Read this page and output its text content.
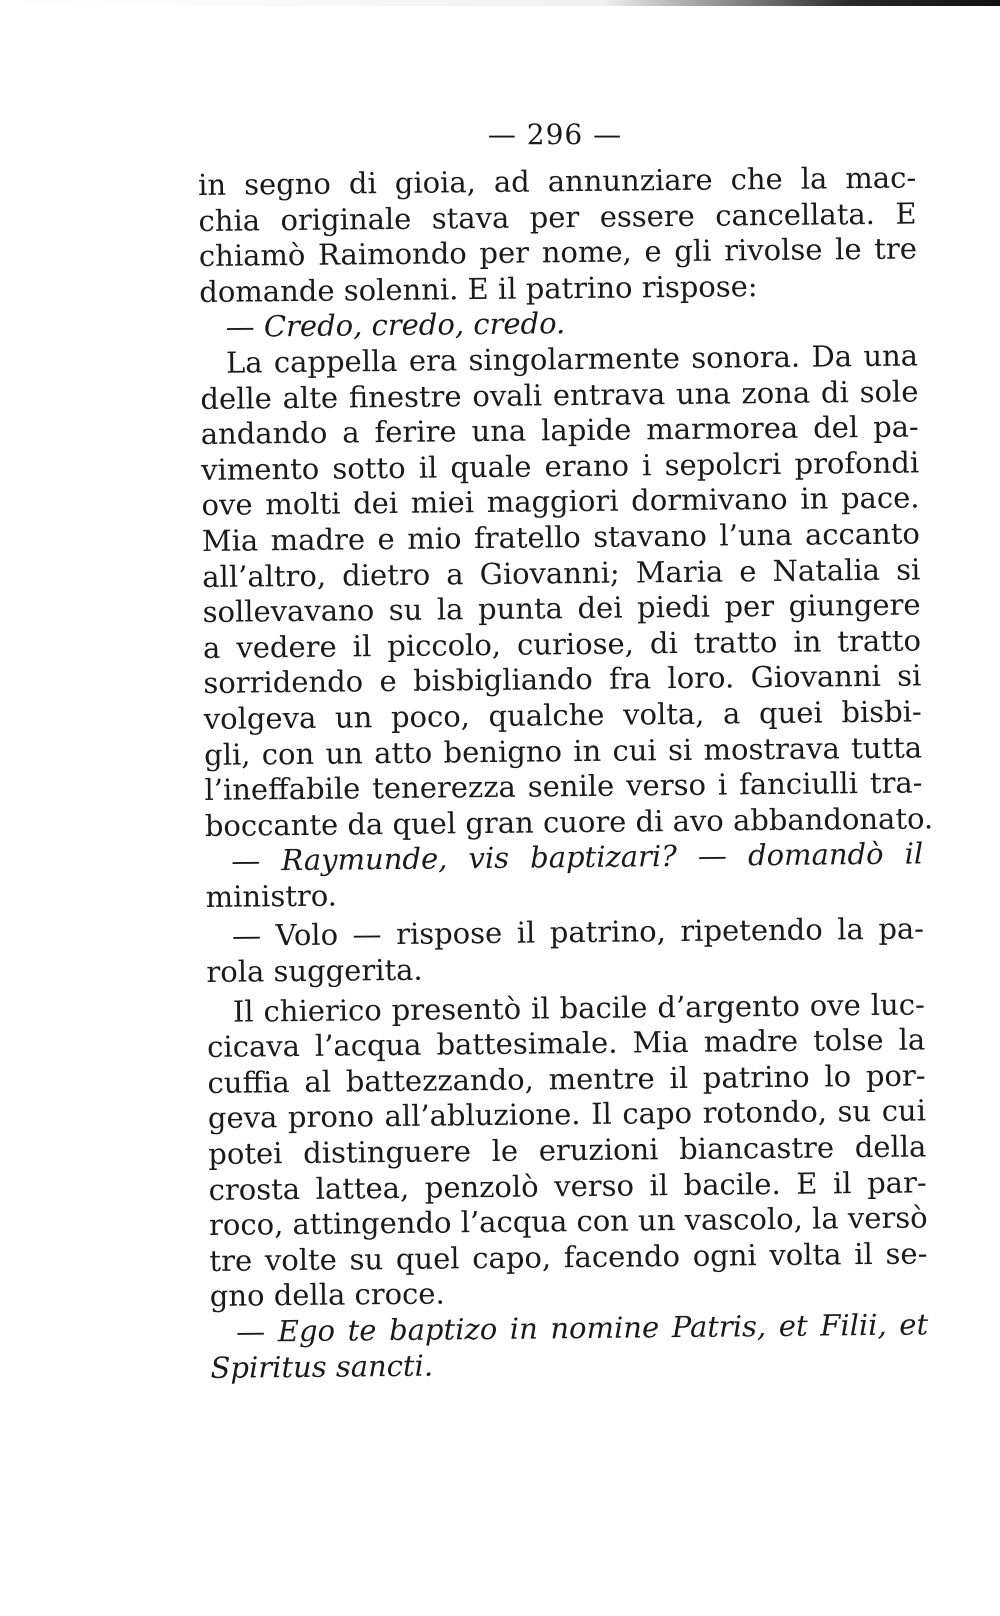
— 296 —
in segno di gioia, ad annunziare che la mac-
chia originale stava per essere cancellata. E
chiamò Raimondo per nome, e gli rivolse le tre
domande solenni. E il patrino rispose:
— Credo, credo, credo.
La cappella era singolarmente sonora. Da una
delle alte finestre ovali entrava una zona di sole
andando a ferire una lapide marmorea del pa-
vimento sotto il quale erano i sepolcri profondi
ove molti dei miei maggiori dormivano in pace.
Mia madre e mio fratello stavano l’una accanto
all’altro, dietro a Giovanni; Maria e Natalia si
sollevavano su la punta dei piedi per giungere
a vedere il piccolo, curiose, di tratto in tratto
sorridendo e bisbigliando fra loro. Giovanni si
volgeva un poco, qualche volta, a quei bisbi-
gli, con un atto benigno in cui si mostrava tutta
l’ineffabile tenerezza senile verso i fanciulli tra-
boccante da quel gran cuore di avo abbandonato.
— Raymunde, vis baptizari? — domandò il
ministro.
— Volo — rispose il patrino, ripetendo la pa-
rola suggerita.
Il chierico presentò il bacile d’argento ove luc-
cicava l’acqua battesimale. Mia madre tolse la
cuffia al battezzando, mentre il patrino lo por-
geva prono all’abluzione. Il capo rotondo, su cui
potei distinguere le eruzioni biancastre della
crosta lattea, penzolò verso il bacile. E il par-
roco, attingendo l’acqua con un vascolo, la versò
tre volte su quel capo, facendo ogni volta il se-
gno della croce.
— Ego te baptizo in nomine Patris, et Filii, et
Spiritus sancti.
